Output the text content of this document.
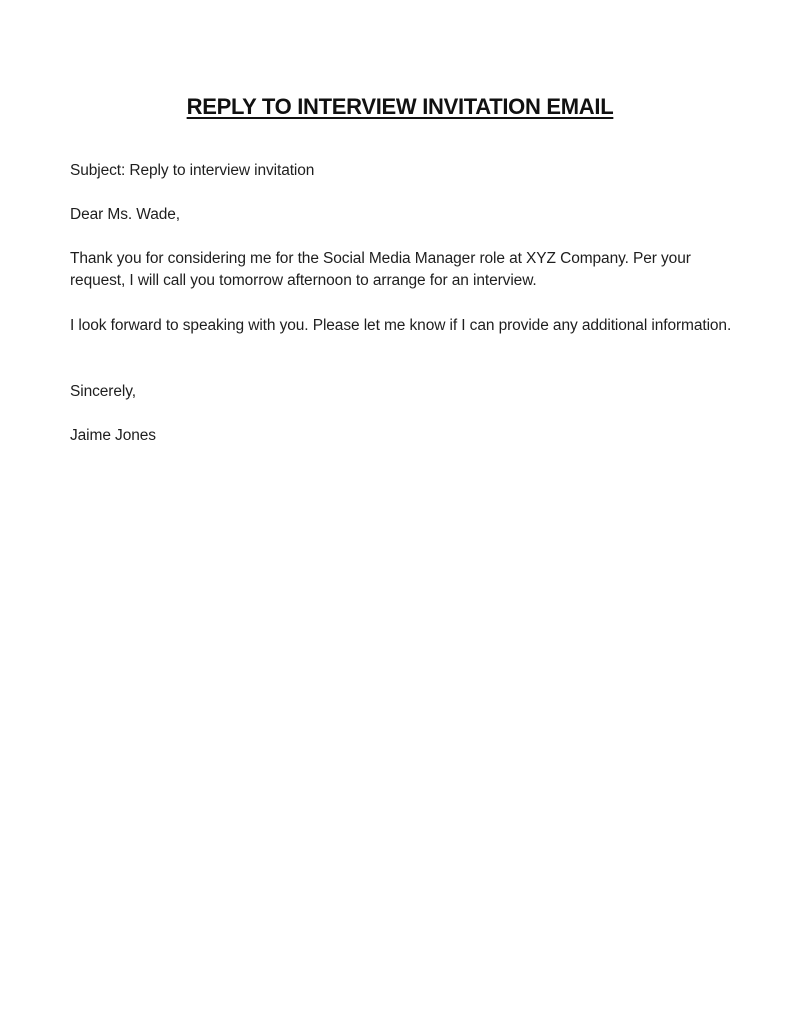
REPLY TO INTERVIEW INVITATION EMAIL

Subject: Reply to interview invitation

Dear Ms. Wade,

Thank you for considering me for the Social Media Manager role at XYZ Company. Per your request, I will call you tomorrow afternoon to arrange for an interview.

I look forward to speaking with you. Please let me know if I can provide any additional information.

Sincerely,

Jaime Jones
